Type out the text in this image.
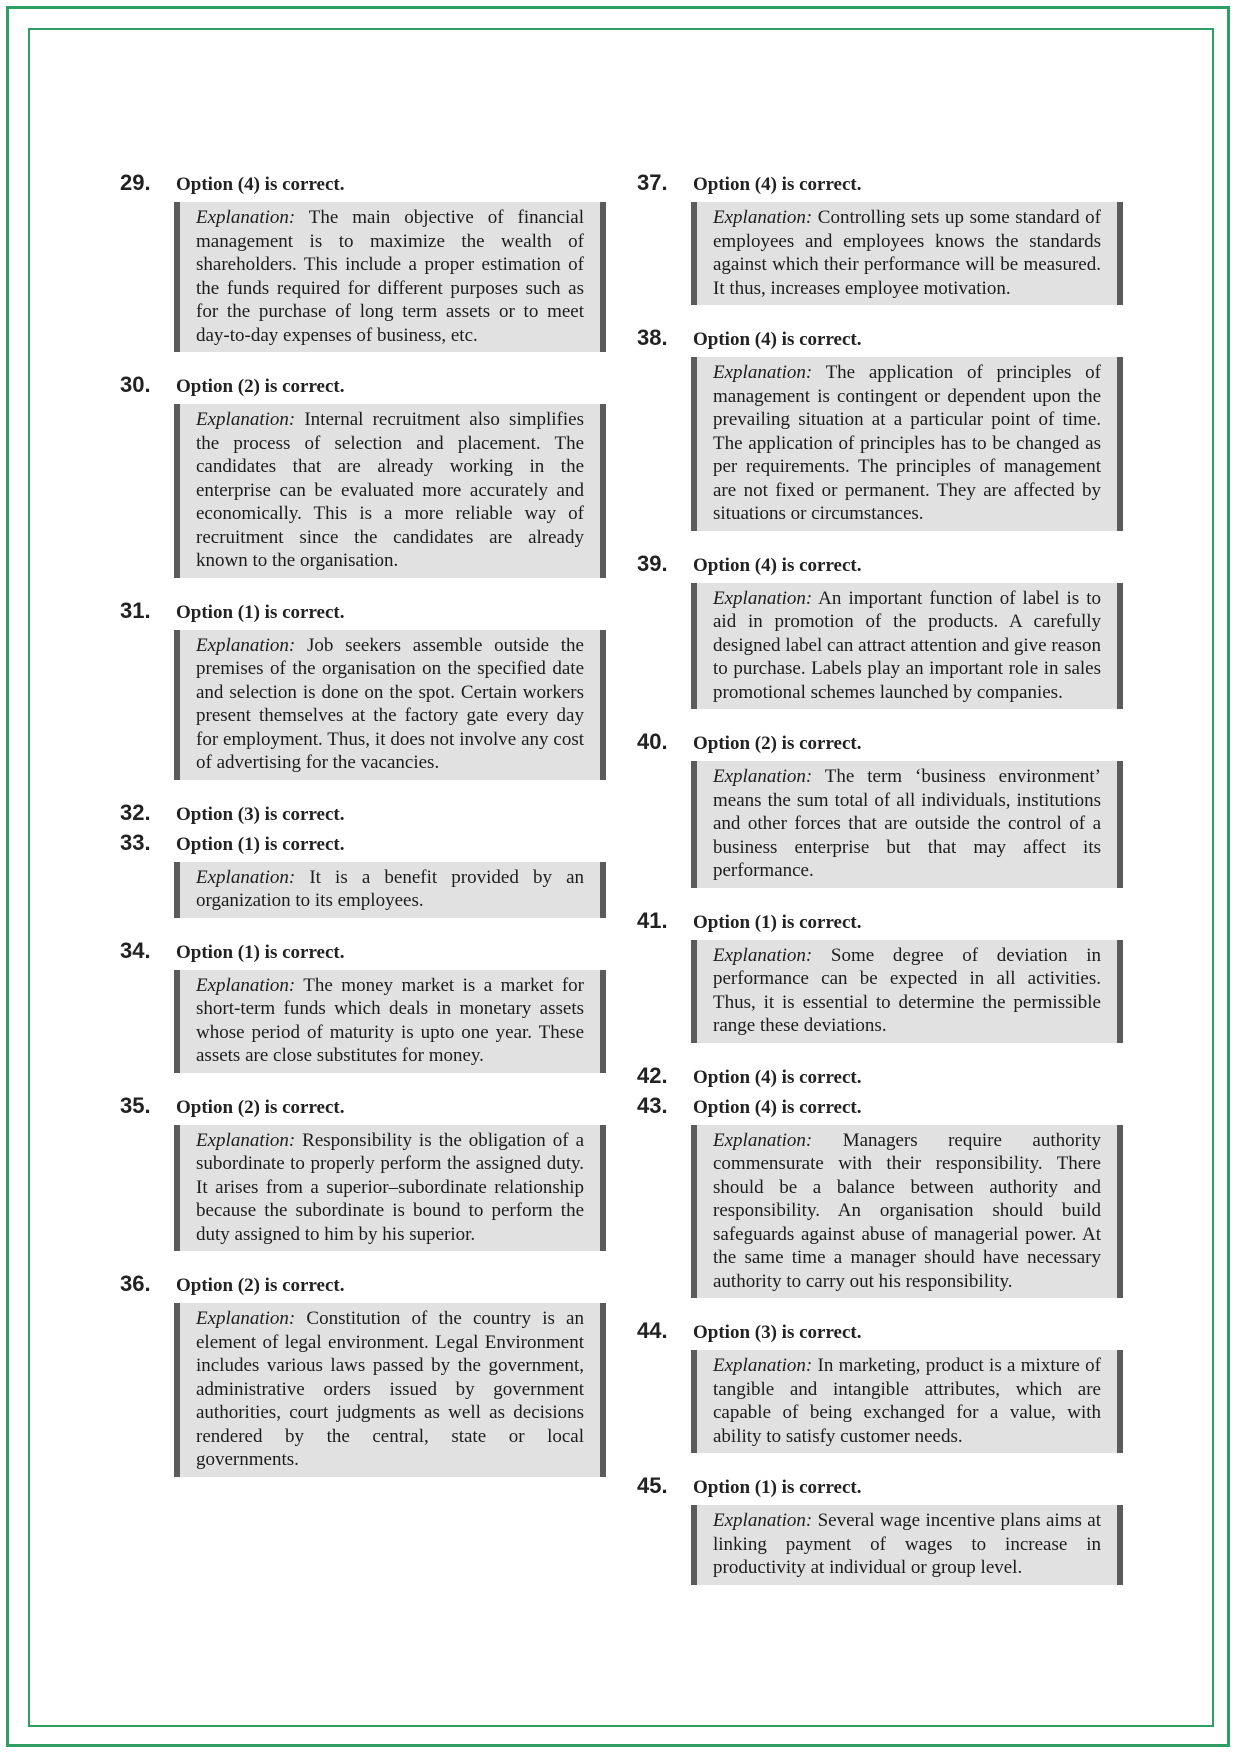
29.	Option (4) is correct.
Explanation: The main objective of financial management is to maximize the wealth of shareholders. This include a proper estimation of the funds required for different purposes such as for the purchase of long term assets or to meet day-to-day expenses of business, etc.
30.	Option (2) is correct.
Explanation: Internal recruitment also simplifies the process of selection and placement. The candidates that are already working in the enterprise can be evaluated more accurately and economically. This is a more reliable way of recruitment since the candidates are already known to the organisation.
31.	Option (1) is correct.
Explanation: Job seekers assemble outside the premises of the organisation on the specified date and selection is done on the spot. Certain workers present themselves at the factory gate every day for employment. Thus, it does not involve any cost of advertising for the vacancies.
32.	Option (3) is correct.
33.	Option (1) is correct.
Explanation: It is a benefit provided by an organization to its employees.
34.	Option (1) is correct.
Explanation: The money market is a market for short-term funds which deals in monetary assets whose period of maturity is upto one year. These assets are close substitutes for money.
35.	Option (2) is correct.
Explanation: Responsibility is the obligation of a subordinate to properly perform the assigned duty. It arises from a superior–subordinate relationship because the subordinate is bound to perform the duty assigned to him by his superior.
36.	Option (2) is correct.
Explanation: Constitution of the country is an element of legal environment. Legal Environment includes various laws passed by the government, administrative orders issued by government authorities, court judgments as well as decisions rendered by the central, state or local governments.
37.	Option (4) is correct.
Explanation: Controlling sets up some standard of employees and employees knows the standards against which their performance will be measured. It thus, increases employee motivation.
38.	Option (4) is correct.
Explanation: The application of principles of management is contingent or dependent upon the prevailing situation at a particular point of time. The application of principles has to be changed as per requirements. The principles of management are not fixed or permanent. They are affected by situations or circumstances.
39.	Option (4) is correct.
Explanation: An important function of label is to aid in promotion of the products. A carefully designed label can attract attention and give reason to purchase. Labels play an important role in sales promotional schemes launched by companies.
40.	Option (2) is correct.
Explanation: The term ‘business environment’ means the sum total of all individuals, institutions and other forces that are outside the control of a business enterprise but that may affect its performance.
41.	Option (1) is correct.
Explanation: Some degree of deviation in performance can be expected in all activities. Thus, it is essential to determine the permissible range these deviations.
42.	Option (4) is correct.
43.	Option (4) is correct.
Explanation: Managers require authority commensurate with their responsibility. There should be a balance between authority and responsibility. An organisation should build safeguards against abuse of managerial power. At the same time a manager should have necessary authority to carry out his responsibility.
44.	Option (3) is correct.
Explanation: In marketing, product is a mixture of tangible and intangible attributes, which are capable of being exchanged for a value, with ability to satisfy customer needs.
45.	Option (1) is correct.
Explanation: Several wage incentive plans aims at linking payment of wages to increase in productivity at individual or group level.
